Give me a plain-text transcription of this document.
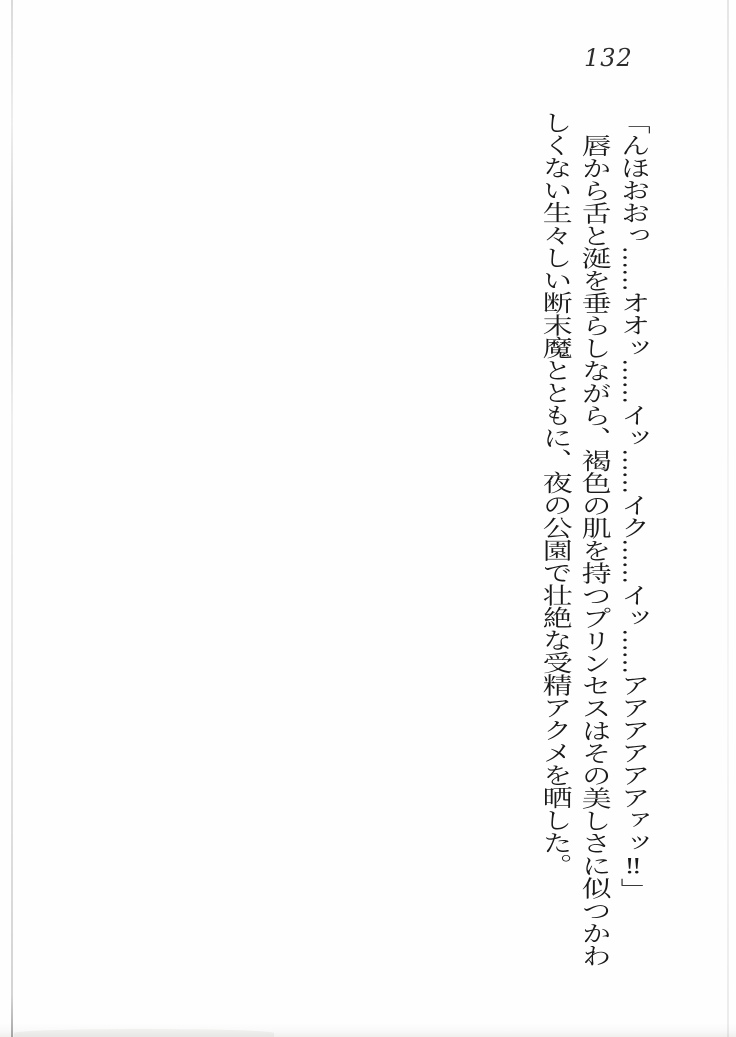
132

「んほおおっ……オオッ……イッ……イク……イッ……アアアアアアァッ‼」

唇から舌と涎を垂らしながら、褐色の肌を持つプリンセスはその美しさに似つかわしくない生々しい断末魔とともに、夜の公園で壮絶な受精アクメを晒した。
